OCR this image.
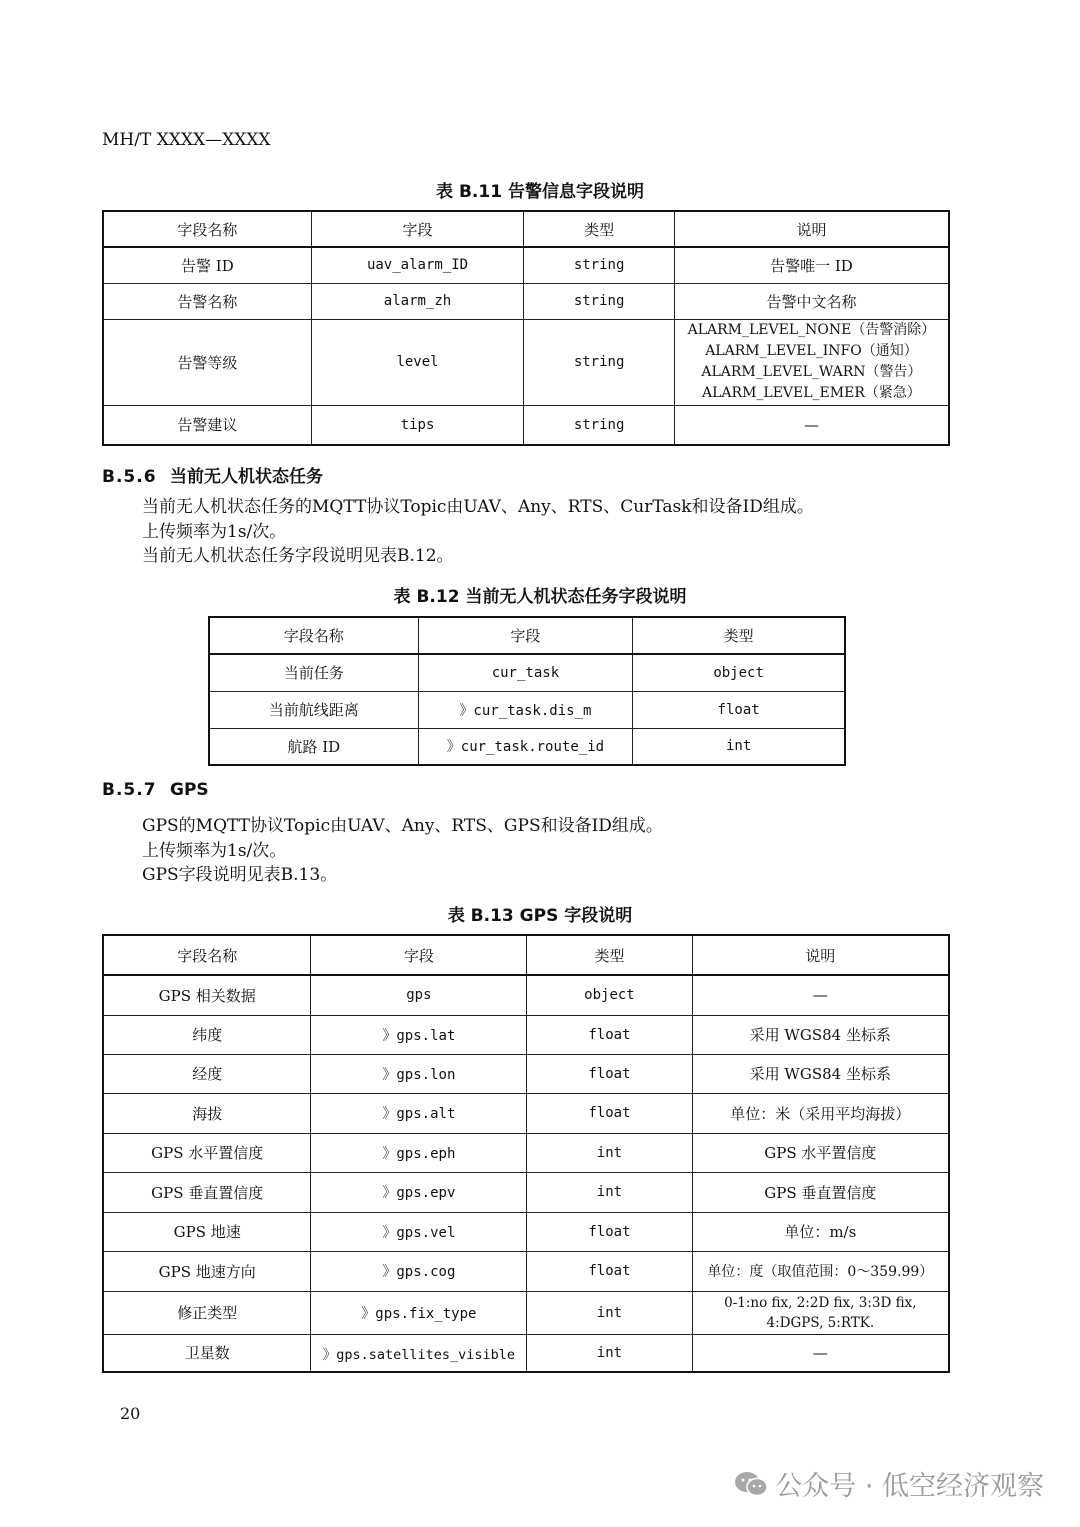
MH/T XXXX—XXXX
表 B.11 告警信息字段说明
字段名称	字段	类型	说明
告警 ID	uav_alarm_ID	string	告警唯一 ID
告警名称	alarm_zh	string	告警中文名称
告警等级	level	string	ALARM_LEVEL_NONE（告警消除）
ALARM_LEVEL_INFO（通知）
ALARM_LEVEL_WARN（警告）
ALARM_LEVEL_EMER（紧急）

告警建议	tips	string	—
B.5.6 当前无人机状态任务
当前无人机状态任务的MQTT协议Topic由UAV、Any、RTS、CurTask和设备ID组成。
上传频率为1s/次。
当前无人机状态任务字段说明见表B.12。
表 B.12 当前无人机状态任务字段说明
字段名称	字段	类型
当前任务	cur_task	object
当前航线距离	》cur_task.dis_m	float
航路 ID	》cur_task.route_id	int
B.5.7 GPS
GPS的MQTT协议Topic由UAV、Any、RTS、GPS和设备ID组成。
上传频率为1s/次。
GPS字段说明见表B.13。
表 B.13 GPS 字段说明
字段名称	字段	类型	说明
GPS 相关数据	gps	object	—
纬度	》gps.lat	float	采用 WGS84 坐标系
经度	》gps.lon	float	采用 WGS84 坐标系
海拔	》gps.alt	float	单位：米（采用平均海拔）
GPS 水平置信度	》gps.eph	int	GPS 水平置信度
GPS 垂直置信度	》gps.epv	int	GPS 垂直置信度
GPS 地速	》gps.vel	float	单位：m/s
GPS 地速方向	》gps.cog	float	单位：度（取值范围：0～359.99）
修正类型	》gps.fix_type	int	0-1:no fix, 2:2D fix, 3:3D fix,
4:DGPS, 5:RTK.

卫星数	》gps.satellites_visible	int	—
20
公众号 · 低空经济观察
